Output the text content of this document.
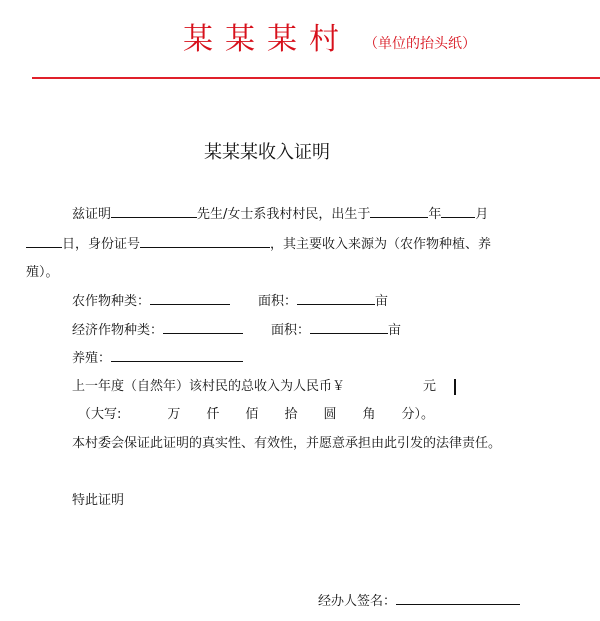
某某某村 （单位的抬头纸）
某某某收入证明
兹证明	先生/女士系我村村民，出生于	年	月
日，身份证号	，其主要收入来源为（农作物种植、养
殖）。
农作物种类：	面积：	亩
经济作物种类：	面积：	亩
养殖：
上一年度（自然年）该村民的总收入为人民币￥	元
（大写:	万 仟 佰 拾 圆 角 分）。
本村委会保证此证明的真实性、有效性，并愿意承担由此引发的法律责任。
特此证明
经办人签名：
